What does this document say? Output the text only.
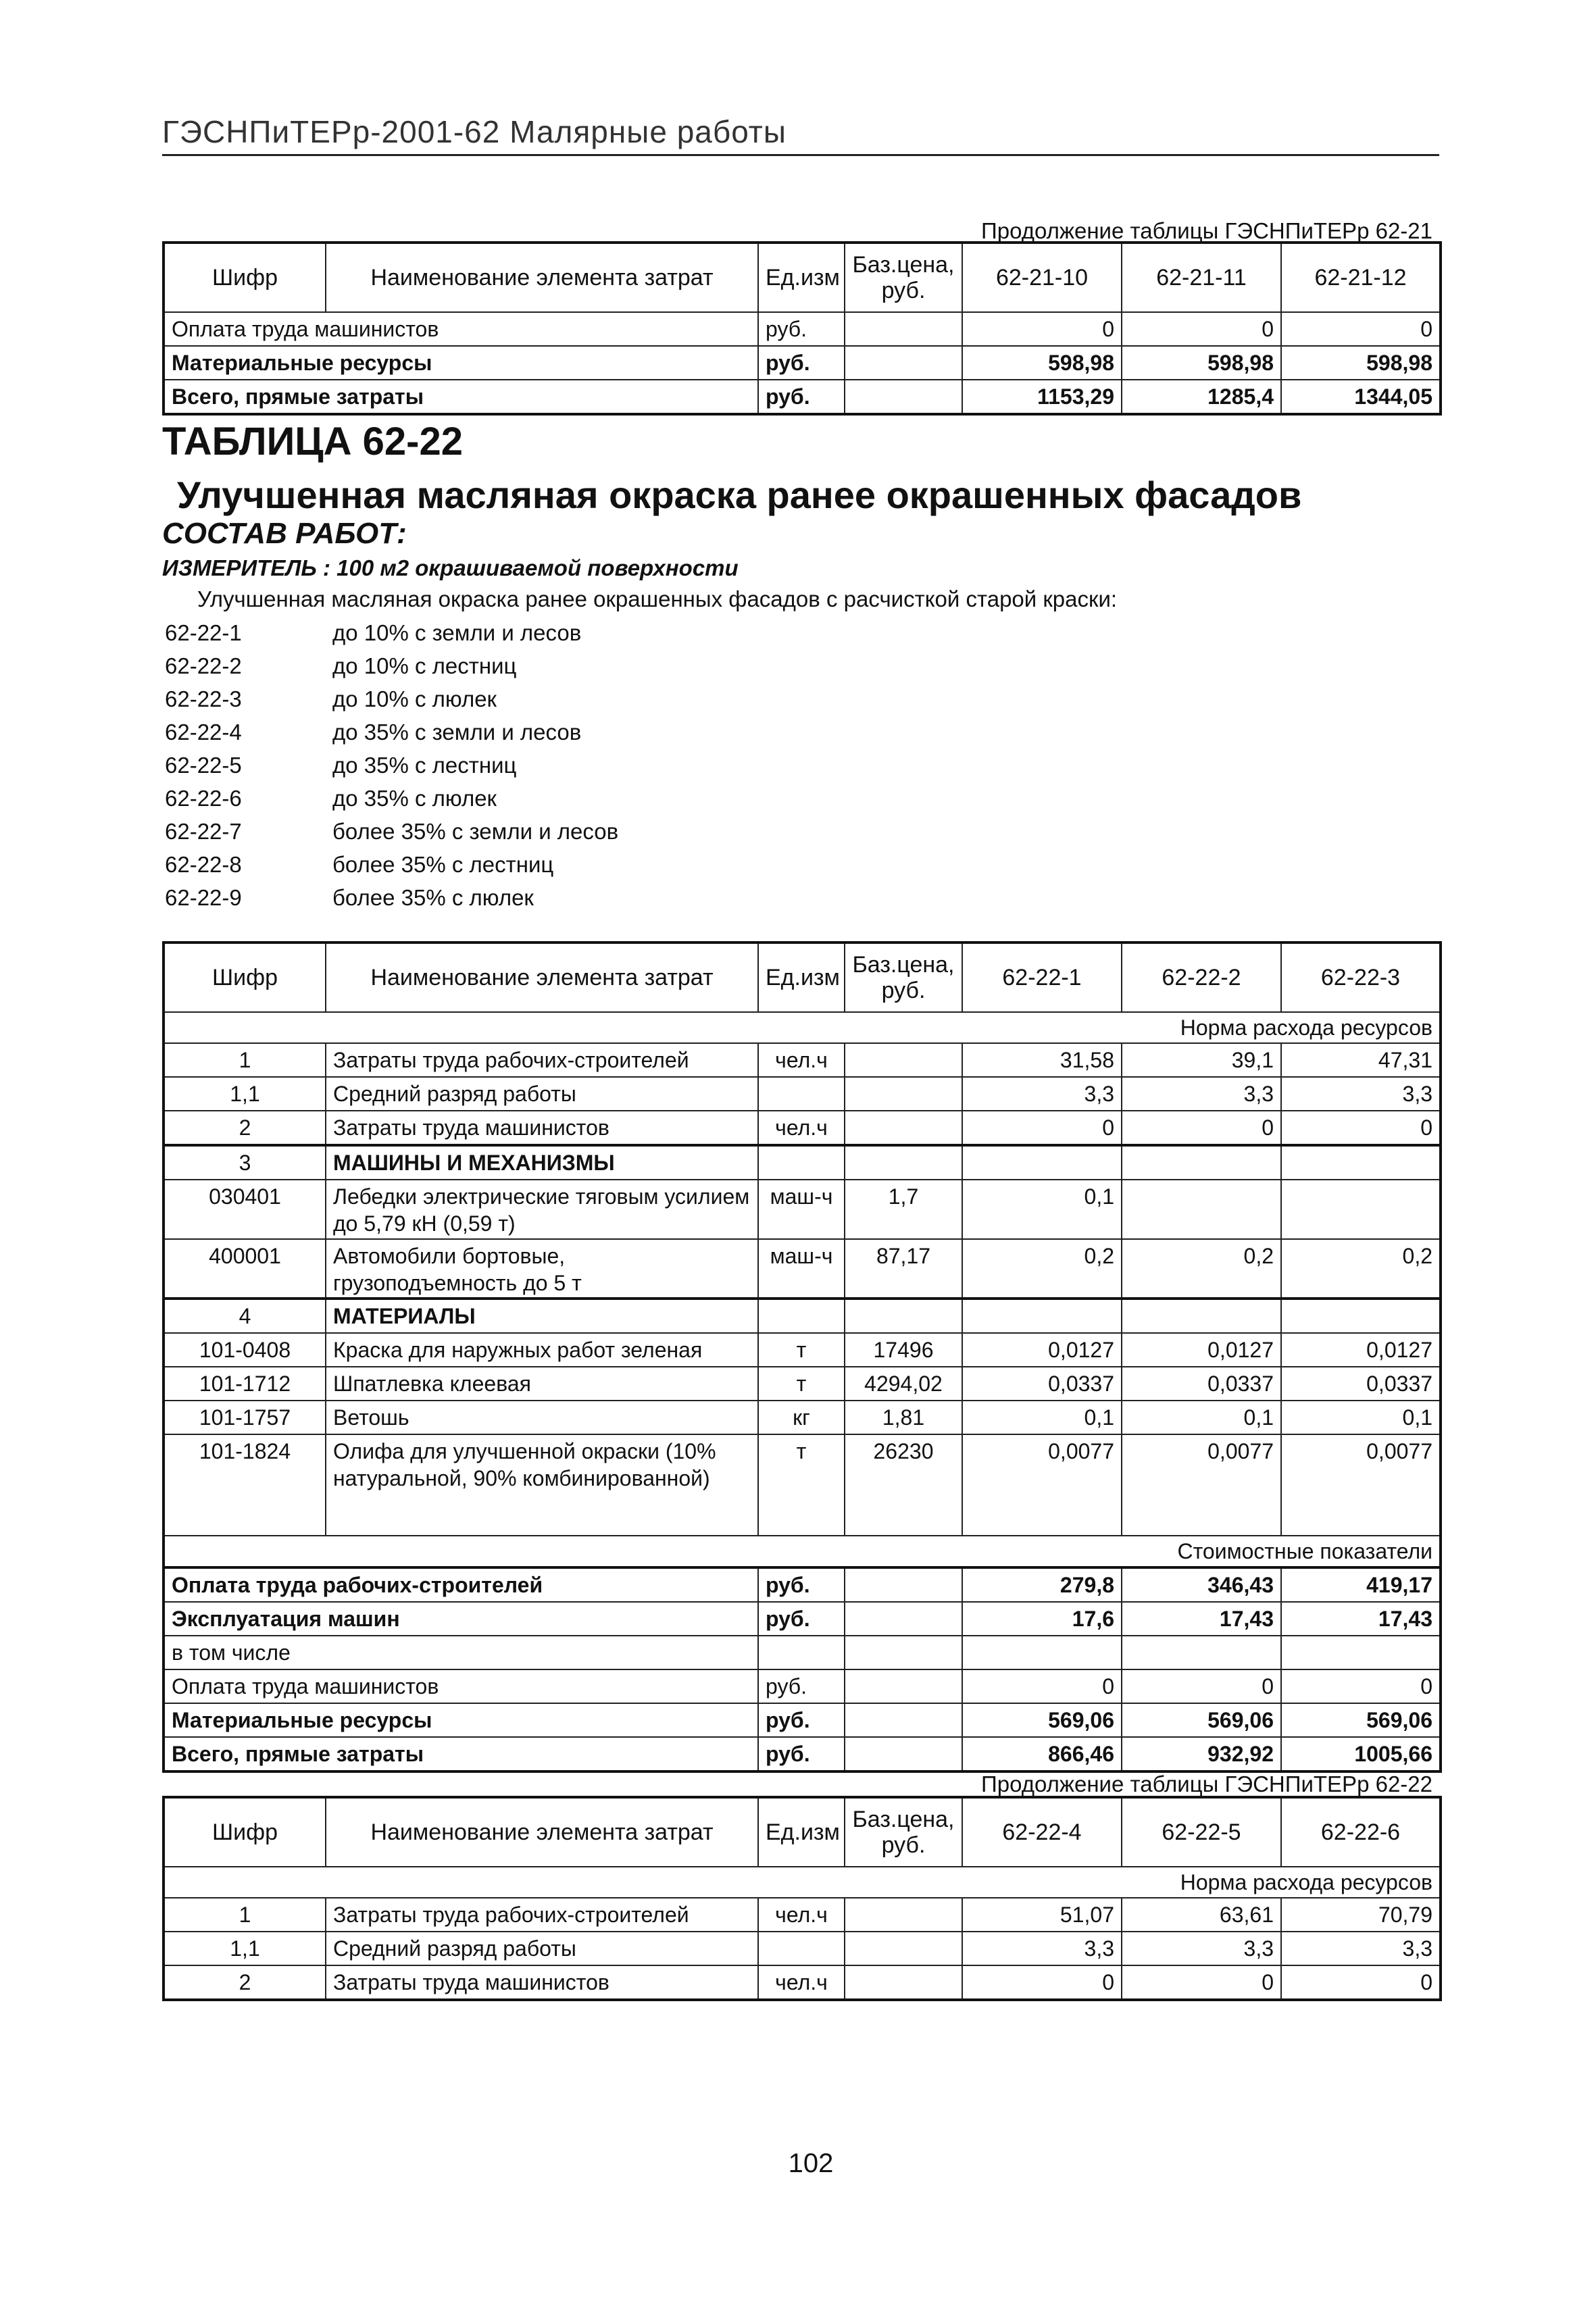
ГЭСНПиТЕРр-2001-62 Малярные работы
Продолжение таблицы ГЭСНПиТЕРр 62-21
Шифр	Наименование элемента затрат	Ед.изм	Баз.цена, руб.	62-21-10	62-21-11	62-21-12
Оплата труда машинистов		руб.		0	0	0
Материальные ресурсы		руб.		598,98	598,98	598,98
Всего, прямые затраты		руб.		1153,29	1285,4	1344,05
ТАБЛИЦА 62-22
Улучшенная масляная окраска ранее окрашенных фасадов
СОСТАВ РАБОТ:
ИЗМЕРИТЕЛЬ : 100 м2 окрашиваемой поверхности
Улучшенная масляная окраска ранее окрашенных фасадов с расчисткой старой краски:
62-22-1	до 10% с земли и лесов
62-22-2	до 10% с лестниц
62-22-3	до 10% с люлек
62-22-4	до 35% с земли и лесов
62-22-5	до 35% с лестниц
62-22-6	до 35% с люлек
62-22-7	более 35% с земли и лесов
62-22-8	более 35% с лестниц
62-22-9	более 35% с люлек
Шифр	Наименование элемента затрат	Ед.изм	Баз.цена, руб.	62-22-1	62-22-2	62-22-3
Норма расхода ресурсов						
1	Затраты труда рабочих-строителей	чел.ч		31,58	39,1	47,31
1,1	Средний разряд работы			3,3	3,3	3,3
2	Затраты труда машинистов	чел.ч		0	0	0
3	МАШИНЫ И МЕХАНИЗМЫ					
030401	Лебедки электрические тяговым усилием до 5,79 кН (0,59 т)	маш-ч	1,7	0,1		
400001	Автомобили бортовые, грузоподъемность до 5 т	маш-ч	87,17	0,2	0,2	0,2
4	МАТЕРИАЛЫ					
101-0408	Краска для наружных работ зеленая	т	17496	0,0127	0,0127	0,0127
101-1712	Шпатлевка клеевая	т	4294,02	0,0337	0,0337	0,0337
101-1757	Ветошь	кг	1,81	0,1	0,1	0,1
101-1824	Олифа для улучшенной окраски (10% натуральной, 90% комбинированной)	т	26230	0,0077	0,0077	0,0077
Стоимостные показатели						
Оплата труда рабочих-строителей		руб.		279,8	346,43	419,17
Эксплуатация машин		руб.		17,6	17,43	17,43
в том числе						
Оплата труда машинистов		руб.		0	0	0
Материальные ресурсы		руб.		569,06	569,06	569,06
Всего, прямые затраты		руб.		866,46	932,92	1005,66
Продолжение таблицы ГЭСНПиТЕРр 62-22
Шифр	Наименование элемента затрат	Ед.изм	Баз.цена, руб.	62-22-4	62-22-5	62-22-6
Норма расхода ресурсов						
1	Затраты труда рабочих-строителей	чел.ч		51,07	63,61	70,79
1,1	Средний разряд работы			3,3	3,3	3,3
2	Затраты труда машинистов	чел.ч		0	0	0
102
